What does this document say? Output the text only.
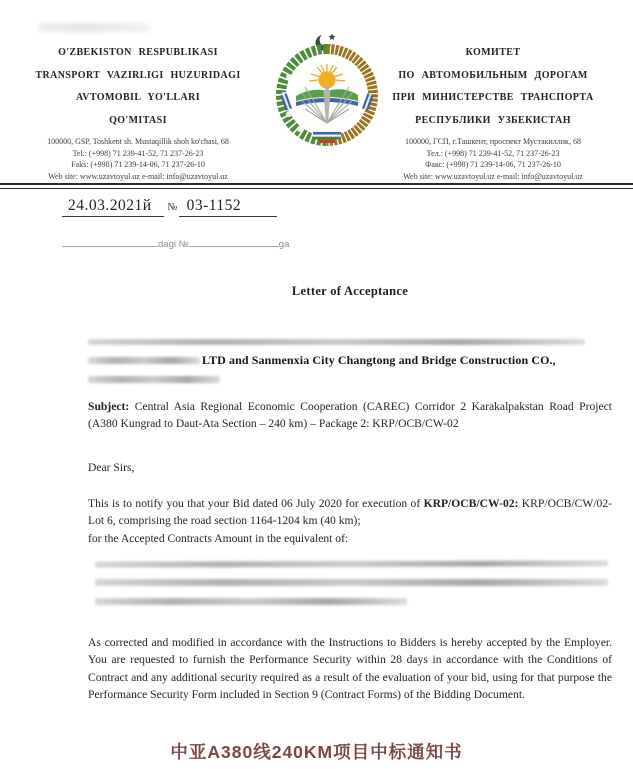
O'ZBEKISTON RESPUBLIKASI
TRANSPORT VAZIRLIGI HUZURIDAGI
AVTOMOBIL YO'LLARI
QO'MITASI
100000, GSP, Toshkent sh. Mustaqillik shoh ko'chasi, 68
Tel.: (+998) 71 239-41-52, 71 237-26-23
Faks: (+998) 71 239-14-06, 71 237-26-10
Web site: www.uzavtoyul.uz e-mail: info@uzavtoyul.uz
КОМИТЕТ
ПО АВТОМОБИЛЬНЫМ ДОРОГАМ
ПРИ МИНИСТЕРСТВЕ ТРАНСПОРТА
РЕСПУБЛИКИ УЗБЕКИСТАН
100000, ГСП, г.Ташкент, проспект Мустакиллик, 68
Тел.: (+998) 71 239-41-52, 71 237-26-23
Факс: (+998) 71 239-14-06, 71 237-26-10
Web site: www.uzavtoyul.uz e-mail: info@uzavtoyul.uz
24.03.2021й № 03-1152
dagi №	ga
Letter of Acceptance
LTD and Sanmenxia City Changtong and Bridge Construction CO.,
Subject: Central Asia Regional Economic Cooperation (CAREC) Corridor 2 Karakalpakstan Road Project (A380 Kungrad to Daut-Ata Section – 240 km) – Package 2: KRP/OCB/CW-02
Dear Sirs,
This is to notify you that your Bid dated 06 July 2020 for execution of KRP/OCB/CW-02: KRP/OCB/CW/02-Lot 6, comprising the road section 1164-1204 km (40 km);
for the Accepted Contracts Amount in the equivalent of:
As corrected and modified in accordance with the Instructions to Bidders is hereby accepted by the Employer. You are requested to furnish the Performance Security within 28 days in accordance with the Conditions of Contract and any additional security required as a result of the evaluation of your bid, using for that purpose the Performance Security Form included in Section 9 (Contract Forms) of the Bidding Document.
中亚A380线240KM项目中标通知书
